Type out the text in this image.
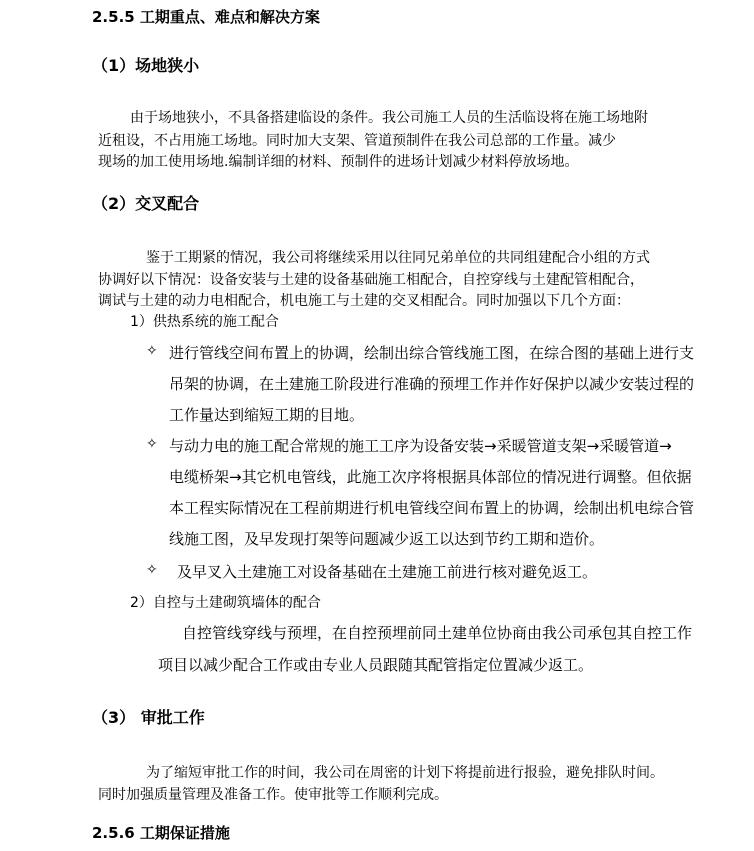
2.5.5 工期重点、难点和解决方案
（1）场地狭小
由于场地狭小，不具备搭建临设的条件。我公司施工人员的生活临设将在施工场地附
近租设，不占用施工场地。同时加大支架、管道预制件在我公司总部的工作量。减少
现场的加工使用场地.编制详细的材料、预制件的进场计划减少材料停放场地。
（2）交叉配合
鉴于工期紧的情况，我公司将继续采用以往同兄弟单位的共同组建配合小组的方式
协调好以下情况：设备安装与土建的设备基础施工相配合，自控穿线与土建配管相配合，
调试与土建的动力电相配合，机电施工与土建的交叉相配合。同时加强以下几个方面：
1）供热系统的施工配合
✧ 进行管线空间布置上的协调，绘制出综合管线施工图，在综合图的基础上进行支
吊架的协调，在土建施工阶段进行准确的预埋工作并作好保护以减少安装过程的
工作量达到缩短工期的目地。
✧ 与动力电的施工配合常规的施工工序为设备安装→采暖管道支架→采暖管道→
电缆桥架→其它机电管线，此施工次序将根据具体部位的情况进行调整。但依据
本工程实际情况在工程前期进行机电管线空间布置上的协调，绘制出机电综合管
线施工图，及早发现打架等问题减少返工以达到节约工期和造价。
✧ 及早叉入土建施工对设备基础在土建施工前进行核对避免返工。
2）自控与土建砌筑墙体的配合
自控管线穿线与预埋，在自控预埋前同土建单位协商由我公司承包其自控工作
项目以减少配合工作或由专业人员跟随其配管指定位置减少返工。
（3） 审批工作
为了缩短审批工作的时间，我公司在周密的计划下将提前进行报验，避免排队时间。
同时加强质量管理及准备工作。使审批等工作顺利完成。
2.5.6 工期保证措施
